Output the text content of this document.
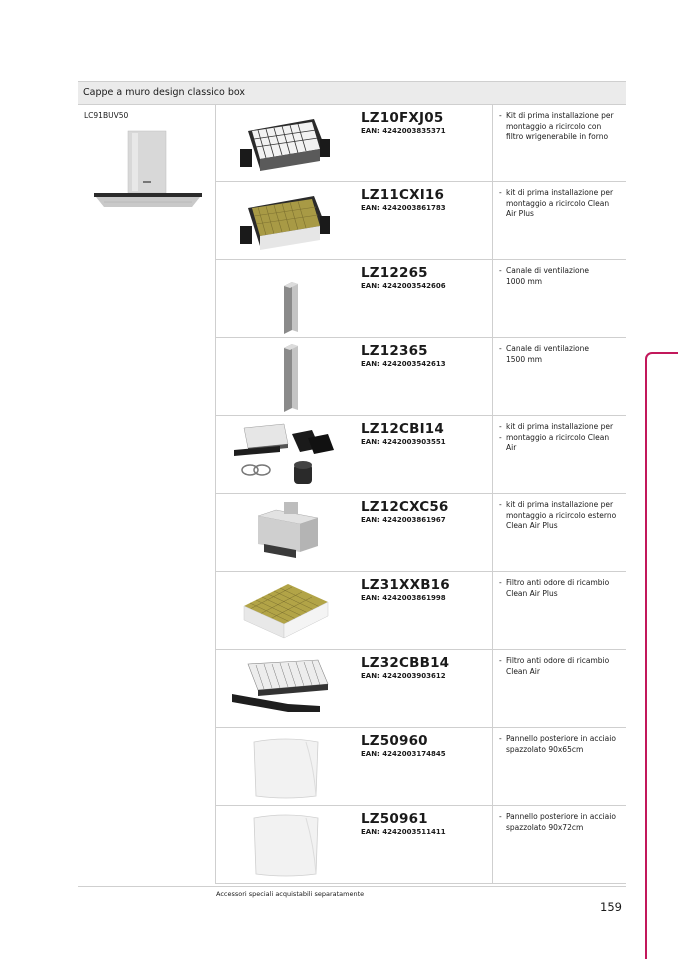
Cappe a muro design classico box
LC91BUV50	LZ10FXJ05
EAN: 4242003835371
- Kit di prima installazione per
montaggio a ricircolo con
filtro wrigenerabile in forno
LZ11CXI16
EAN: 4242003861783
- kit di prima installazione per
montaggio a ricircolo Clean
Air Plus
LZ12265
EAN: 4242003542606
- Canale di ventilazione
1000 mm
LZ12365
EAN: 4242003542613
- Canale di ventilazione
1500 mm
LZ12CBI14
EAN: 4242003903551
- kit di prima installazione per
- montaggio a ricircolo Clean
Air
LZ12CXC56
EAN: 4242003861967
- kit di prima installazione per
montaggio a ricircolo esterno
Clean Air Plus
LZ31XXB16
EAN: 4242003861998
- Filtro anti odore di ricambio
Clean Air Plus
LZ32CBB14
EAN: 4242003903612
- Filtro anti odore di ricambio
Clean Air
LZ50960
EAN: 4242003174845
- Pannello posteriore in acciaio
spazzolato 90x65cm
LZ50961
EAN: 4242003511411
- Pannello posteriore in acciaio
spazzolato 90x72cm
Accessori speciali acquistabili separatamente
159
